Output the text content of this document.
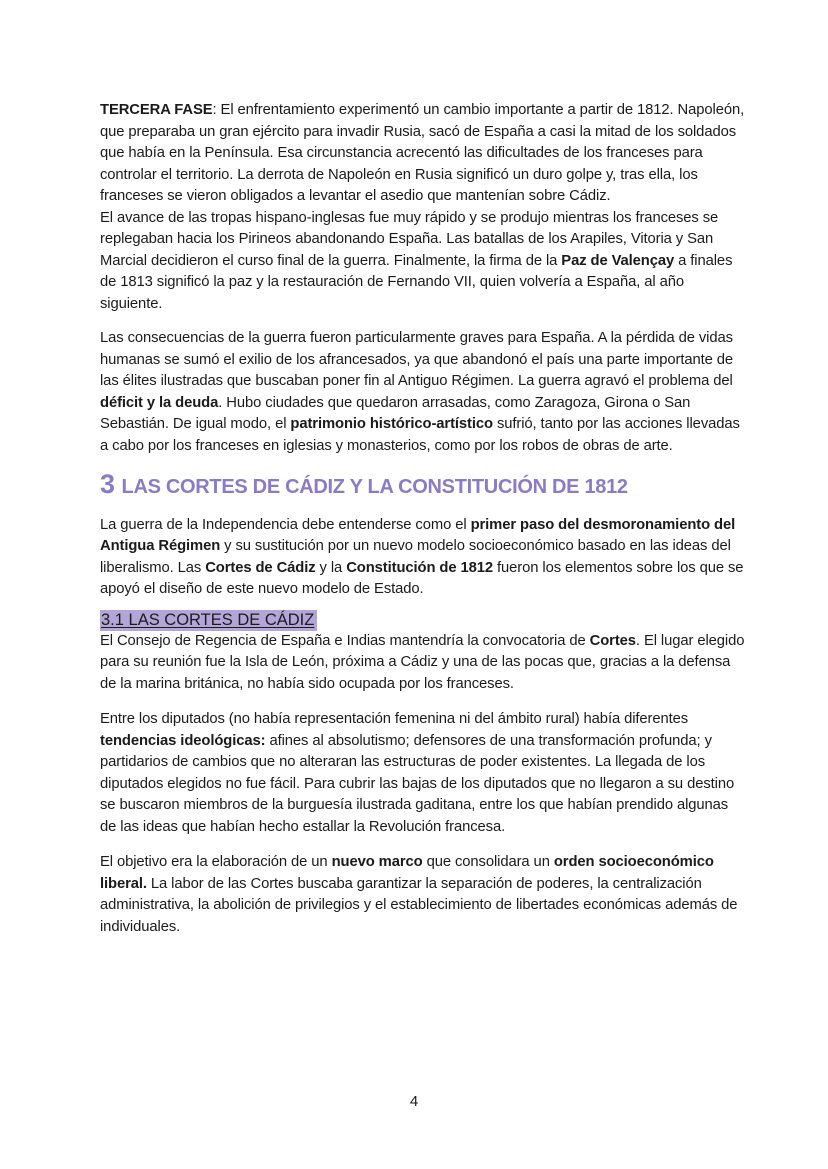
TERCERA FASE: El enfrentamiento experimentó un cambio importante a partir de 1812. Napoleón, que preparaba un gran ejército para invadir Rusia, sacó de España a casi la mitad de los soldados que había en la Península. Esa circunstancia acrecentó las dificultades de los franceses para controlar el territorio. La derrota de Napoleón en Rusia significó un duro golpe y, tras ella, los franceses se vieron obligados a levantar el asedio que mantenían sobre Cádiz.

El avance de las tropas hispano-inglesas fue muy rápido y se produjo mientras los franceses se replegaban hacia los Pirineos abandonando España. Las batallas de los Arapiles, Vitoria y San Marcial decidieron el curso final de la guerra. Finalmente, la firma de la Paz de Valençay a finales de 1813 significó la paz y la restauración de Fernando VII, quien volvería a España, al año siguiente.

Las consecuencias de la guerra fueron particularmente graves para España. A la pérdida de vidas humanas se sumó el exilio de los afrancesados, ya que abandonó el país una parte importante de las élites ilustradas que buscaban poner fin al Antiguo Régimen. La guerra agravó el problema del déficit y la deuda. Hubo ciudades que quedaron arrasadas, como Zaragoza, Girona o San Sebastián. De igual modo, el patrimonio histórico-artístico sufrió, tanto por las acciones llevadas a cabo por los franceses en iglesias y monasterios, como por los robos de obras de arte.

3 LAS CORTES DE CÁDIZ Y LA CONSTITUCIÓN DE 1812

La guerra de la Independencia debe entenderse como el primer paso del desmoronamiento del Antigua Régimen y su sustitución por un nuevo modelo socioeconómico basado en las ideas del liberalismo. Las Cortes de Cádiz y la Constitución de 1812 fueron los elementos sobre los que se apoyó el diseño de este nuevo modelo de Estado.

3.1 LAS CORTES DE CÁDIZ

El Consejo de Regencia de España e Indias mantendría la convocatoria de Cortes. El lugar elegido para su reunión fue la Isla de León, próxima a Cádiz y una de las pocas que, gracias a la defensa de la marina británica, no había sido ocupada por los franceses.

Entre los diputados (no había representación femenina ni del ámbito rural) había diferentes tendencias ideológicas: afines al absolutismo; defensores de una transformación profunda; y partidarios de cambios que no alteraran las estructuras de poder existentes. La llegada de los diputados elegidos no fue fácil. Para cubrir las bajas de los diputados que no llegaron a su destino se buscaron miembros de la burguesía ilustrada gaditana, entre los que habían prendido algunas de las ideas que habían hecho estallar la Revolución francesa.

El objetivo era la elaboración de un nuevo marco que consolidara un orden socioeconómico liberal. La labor de las Cortes buscaba garantizar la separación de poderes, la centralización administrativa, la abolición de privilegios y el establecimiento de libertades económicas además de individuales.

4
